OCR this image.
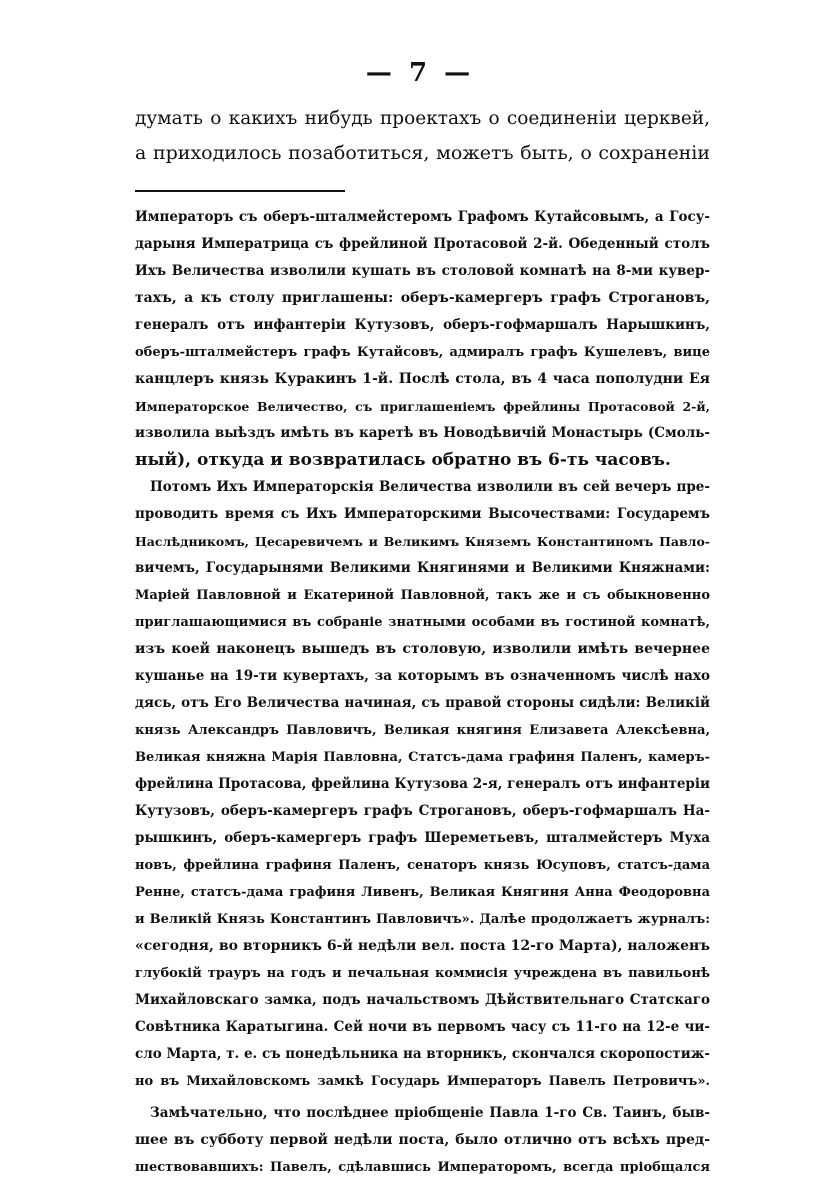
— 7 —
думать о какихъ нибудь проектахъ о соединеніи церквей,
а приходилось позаботиться, можетъ быть, о сохраненіи
Императоръ съ оберъ-шталмейстеромъ Графомъ Кутайсовымъ, а Госу-
дарыня Императрица съ фрейлиной Протасовой 2-й. Обеденный столъ
Ихъ Величества изволили кушать въ столовой комнатѣ на 8-ми кувер-
тахъ, а къ столу приглашены: оберъ-камергеръ графъ Строгановъ,
генералъ отъ инфантеріи Кутузовъ, оберъ-гофмаршалъ Нарышкинъ,
оберъ-шталмейстеръ графъ Кутайсовъ, адмиралъ графъ Кушелевъ, вице
канцлеръ князь Куракинъ 1-й. Послѣ стола, въ 4 часа пополудни Ея
Императорское Величество, съ приглашеніемъ фрейлины Протасовой 2-й,
изволила выѣздъ имѣть въ каретѣ въ Новодѣвичій Монастырь (Смоль-
ный), откуда и возвратилась обратно въ 6-ть часовъ.
Потомъ Ихъ Императорскія Величества изволили въ сей вечеръ пре-
проводить время съ Ихъ Императорскими Высочествами: Государемъ
Наслѣдникомъ, Цесаревичемъ и Великимъ Княземъ Константиномъ Павло-
вичемъ, Государынями Великими Княгинями и Великими Княжнами:
Маріей Павловной и Екатериной Павловной, такъ же и съ обыкновенно
приглашающимися въ собраніе знатными особами въ гостиной комнатѣ,
изъ коей наконецъ вышедъ въ столовую, изволили имѣть вечернее
кушанье на 19-ти кувертахъ, за которымъ въ означенномъ числѣ нахо
дясь, отъ Его Величества начиная, съ правой стороны сидѣли: Великій
князь Александръ Павловичъ, Великая княгиня Елизавета Алексѣевна,
Великая княжна Марія Павловна, Статсъ-дама графиня Паленъ, камеръ-
фрейлина Протасова, фрейлина Кутузова 2-я, генералъ отъ инфантеріи
Кутузовъ, оберъ-камергеръ графъ Строгановъ, оберъ-гофмаршалъ На-
рышкинъ, оберъ-камергеръ графъ Шереметьевъ, шталмейстеръ Муха
новъ, фрейлина графиня Паленъ, сенаторъ князь Юсуповъ, статсъ-дама
Ренне, статсъ-дама графиня Ливенъ, Великая Княгиня Анна Феодоровна
и Великій Князь Константинъ Павловичъ». Далѣе продолжаетъ журналъ:
«сегодня, во вторникъ 6-й недѣли вел. поста 12-го Марта), наложенъ
глубокій трауръ на годъ и печальная коммисія учреждена въ павильонѣ
Михайловскаго замка, подъ начальствомъ Дѣйствительнаго Статскаго
Совѣтника Каратыгина. Сей ночи въ первомъ часу съ 11-го на 12-е чи-
сло Марта, т. е. съ понедѣльника на вторникъ, скончался скоропостиж-
но въ Михайловскомъ замкѣ Государь Императоръ Павелъ Петровичъ».
Замѣчательно, что послѣднее пріобщеніе Павла 1-го Св. Таинъ, быв-
шее въ субботу первой недѣли поста, было отлично отъ всѣхъ пред-
шествовавшихъ: Павелъ, сдѣлавшись Императоромъ, всегда пріобщался
